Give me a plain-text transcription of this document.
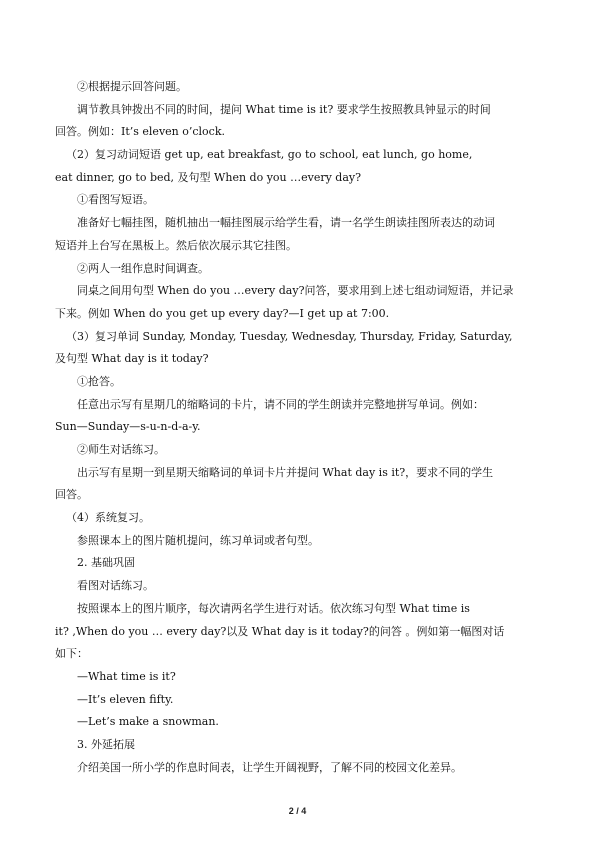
②根据提示回答问题。
调节教具钟拨出不同的时间，提问 What time is it? 要求学生按照教具钟显示的时间
回答。例如：It’s eleven o’clock.
（2）复习动词短语 get up, eat breakfast, go to school, eat lunch, go home,
eat dinner, go to bed, 及句型 When do you …every day?
①看图写短语。
准备好七幅挂图，随机抽出一幅挂图展示给学生看，请一名学生朗读挂图所表达的动词
短语并上台写在黑板上。然后依次展示其它挂图。
②两人一组作息时间调查。
同桌之间用句型 When do you …every day?问答，要求用到上述七组动词短语，并记录
下来。例如 When do you get up every day?—I get up at 7:00.
（3）复习单词 Sunday, Monday, Tuesday, Wednesday, Thursday, Friday, Saturday,
及句型 What day is it today?
①抢答。
任意出示写有星期几的缩略词的卡片，请不同的学生朗读并完整地拼写单词。例如：
Sun—Sunday—s-u-n-d-a-y.
②师生对话练习。
出示写有星期一到星期天缩略词的单词卡片并提问 What day is it?，要求不同的学生
回答。
（4）系统复习。
参照课本上的图片随机提问，练习单词或者句型。
2. 基础巩固
看图对话练习。
按照课本上的图片顺序，每次请两名学生进行对话。依次练习句型 What time is
it? ,When do you … every day?以及 What day is it today?的问答 。例如第一幅图对话
如下：
—What time is it?
—It’s eleven fifty.
—Let’s make a snowman.
3. 外延拓展
介绍美国一所小学的作息时间表，让学生开阔视野，了解不同的校园文化差异。
2 / 4
